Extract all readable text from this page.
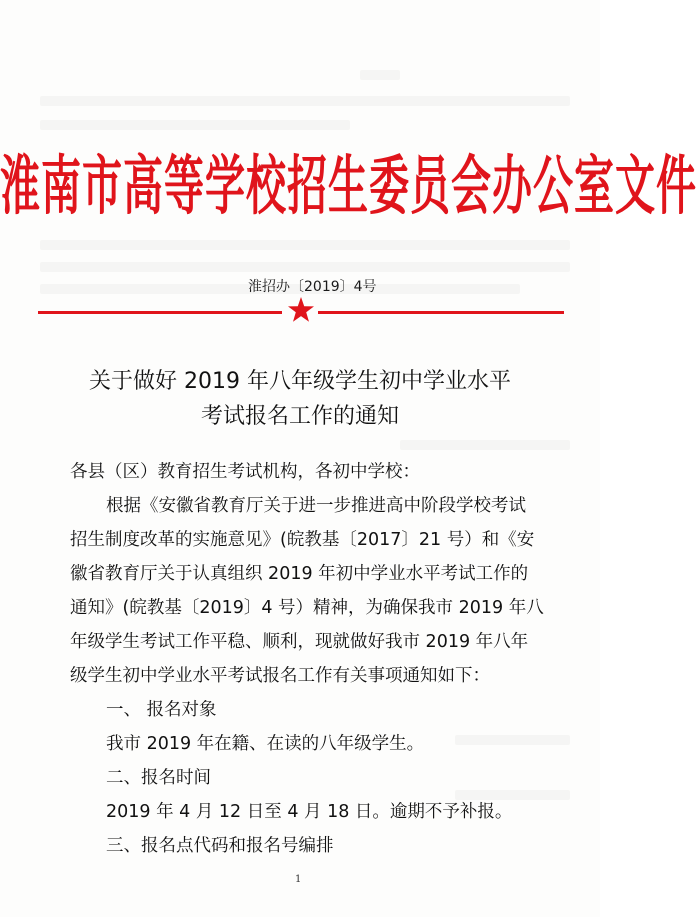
淮南市高等学校招生委员会办公室文件
淮招办〔2019〕4号
关于做好 2019 年八年级学生初中学业水平
考试报名工作的通知
各县（区）教育招生考试机构，各初中学校：
根据《安徽省教育厅关于进一步推进高中阶段学校考试
招生制度改革的实施意见》(皖教基〔2017〕21 号）和《安
徽省教育厅关于认真组织 2019 年初中学业水平考试工作的
通知》(皖教基〔2019〕4 号）精神，为确保我市 2019 年八
年级学生考试工作平稳、顺利，现就做好我市 2019 年八年
级学生初中学业水平考试报名工作有关事项通知如下：
一、 报名对象
我市 2019 年在籍、在读的八年级学生。
二、报名时间
2019 年 4 月 12 日至 4 月 18 日。逾期不予补报。
三、报名点代码和报名号编排
1
